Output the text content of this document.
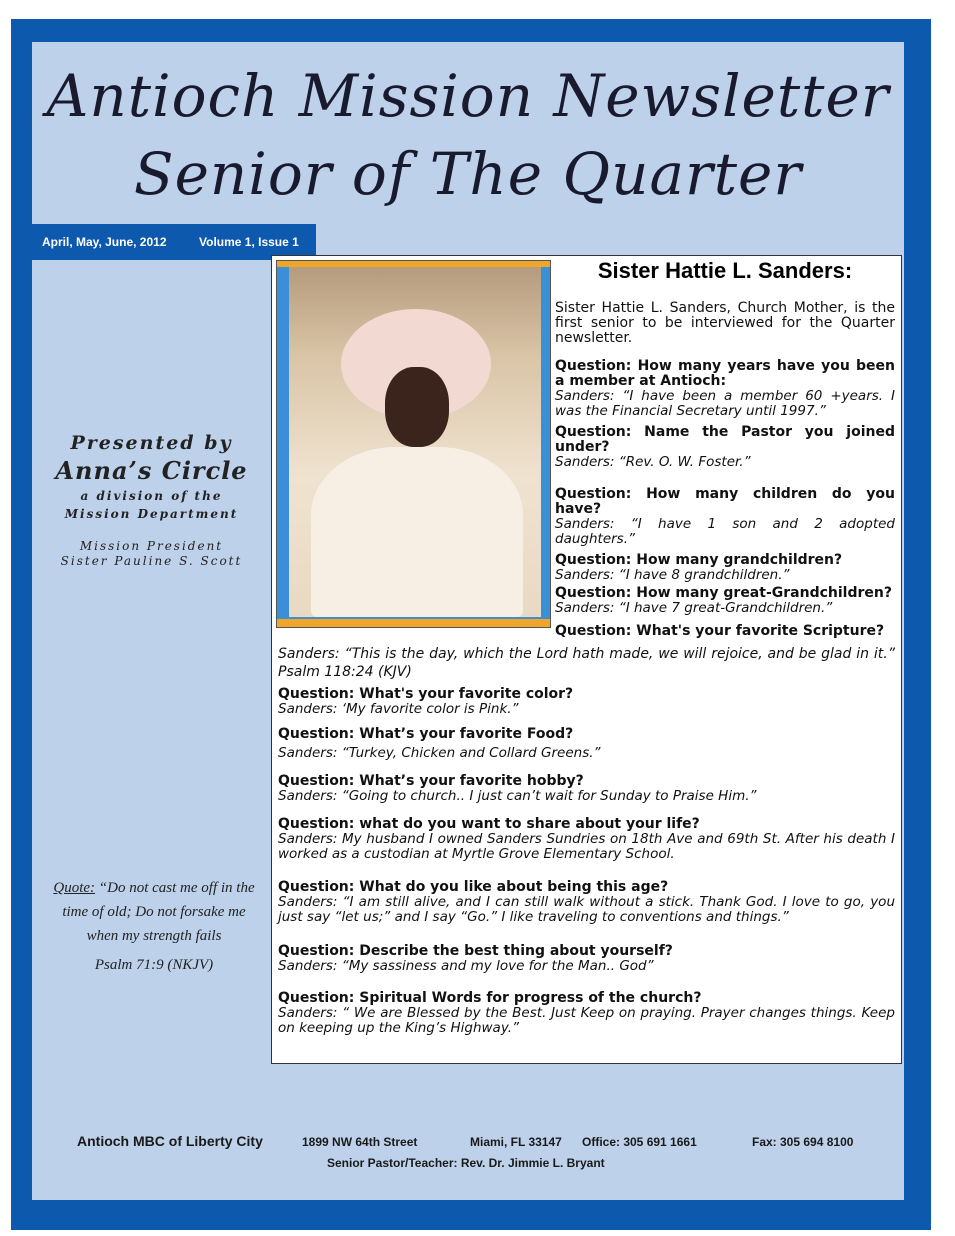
Antioch Mission Newsletter
Senior of The Quarter
April, May, June, 2012	Volume 1, Issue 1
Presented by
Anna’s Circle
a division of the
Mission Department
Mission President
Sister Pauline S. Scott
Quote: “Do not cast me off in the time of old; Do not forsake me when my strength fails
Psalm 71:9 (NKJV)
Sister Hattie L. Sanders:
Sister Hattie L. Sanders, Church Mother, is the first senior to be interviewed for the Quarter newsletter.
Question: How many years have you been a member at Antioch:
Sanders: “I have been a member 60 +years. I was the Financial Secretary until 1997.”
Question: Name the Pastor you joined under?
Sanders: “Rev. O. W. Foster.”
Question: How many children do you have?
Sanders: “I have 1 son and 2 adopted daughters.”
Question: How many grandchildren?
Sanders: “I have 8 grandchildren.”
Question: How many great-Grandchildren?
Sanders: “I have 7 great-Grandchildren.”
Question: What's your favorite Scripture?
Sanders: “This is the day, which the Lord hath made, we will rejoice, and be glad in it.” Psalm 118:24 (KJV)
Question: What's your favorite color?
Sanders: ‘My favorite color is Pink.”
Question: What’s your favorite Food?
Sanders: “Turkey, Chicken and Collard Greens.”
Question: What’s your favorite hobby?
Sanders: “Going to church.. I just can’t wait for Sunday to Praise Him.”
Question: what do you want to share about your life?
Sanders: My husband I owned Sanders Sundries on 18th Ave and 69th St. After his death I worked as a custodian at Myrtle Grove Elementary School.
Question: What do you like about being this age?
Sanders: “I am still alive, and I can still walk without a stick. Thank God. I love to go, you just say “let us;” and I say “Go.” I like traveling to conventions and things.”
Question: Describe the best thing about yourself?
Sanders: “My sassiness and my love for the Man.. God”
Question: Spiritual Words for progress of the church?
Sanders: “ We are Blessed by the Best. Just Keep on praying. Prayer changes things. Keep on keeping up the King’s Highway.”
Antioch MBC of Liberty City	1899 NW 64th Street	Miami, FL 33147 Office: 305 691 1661	Fax: 305 694 8100
Senior Pastor/Teacher: Rev. Dr. Jimmie L. Bryant
